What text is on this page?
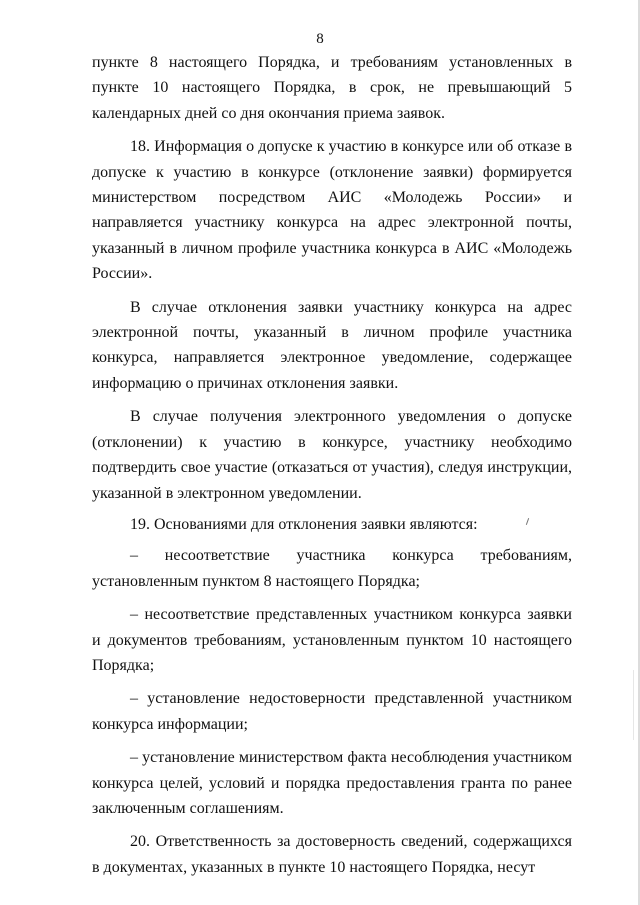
8

пункте 8 настоящего Порядка, и требованиям установленных в пункте 10 настоящего Порядка, в срок, не превышающий 5 календарных дней со дня окончания приема заявок.

18. Информация о допуске к участию в конкурсе или об отказе в допуске к участию в конкурсе (отклонение заявки) формируется министерством посредством АИС «Молодежь России» и направляется участнику конкурса на адрес электронной почты, указанный в личном профиле участника конкурса в АИС «Молодежь России».

В случае отклонения заявки участнику конкурса на адрес электронной почты, указанный в личном профиле участника конкурса, направляется электронное уведомление, содержащее информацию о причинах отклонения заявки.

В случае получения электронного уведомления о допуске (отклонении) к участию в конкурсе, участнику необходимо подтвердить свое участие (отказаться от участия), следуя инструкции, указанной в электронном уведомлении.

19. Основаниями для отклонения заявки являются:

– несоответствие участника конкурса требованиям, установленным пунктом 8 настоящего Порядка;

– несоответствие представленных участником конкурса заявки и документов требованиям, установленным пунктом 10 настоящего Порядка;

– установление недостоверности представленной участником конкурса информации;

– установление министерством факта несоблюдения участником конкурса целей, условий и порядка предоставления гранта по ранее заключенным соглашениям.

20. Ответственность за достоверность сведений, содержащихся в документах, указанных в пункте 10 настоящего Порядка, несут
